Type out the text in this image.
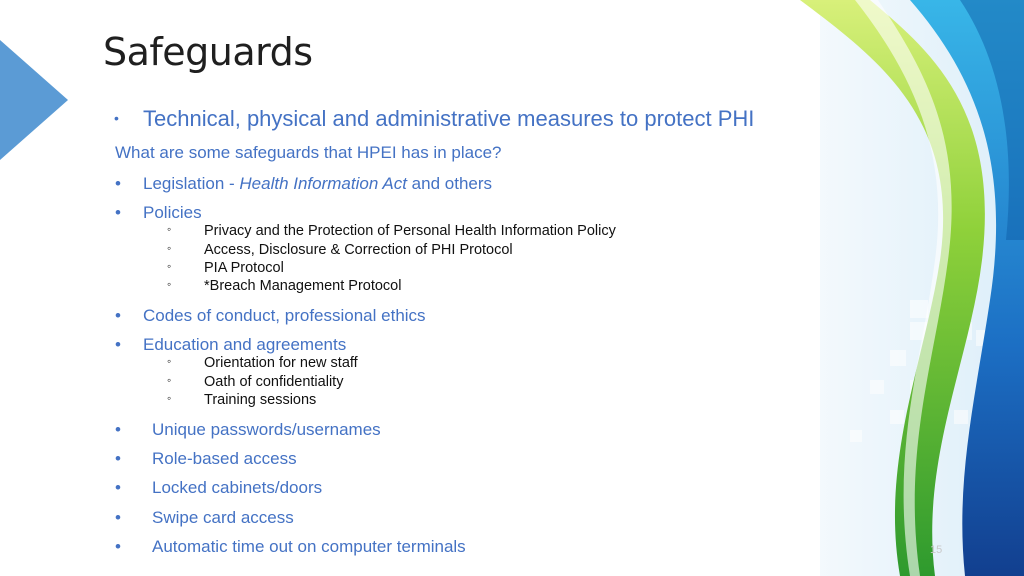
Safeguards
• Technical, physical and administrative measures to protect PHI
What are some safeguards that HPEI has in place?
• Legislation - Health Information Act and others
• Policies
◦ Privacy and the Protection of Personal Health Information Policy
◦ Access, Disclosure & Correction of PHI Protocol
◦ PIA Protocol
◦ *Breach Management Protocol
• Codes of conduct, professional ethics
• Education and agreements
◦ Orientation for new staff
◦ Oath of confidentiality
◦ Training sessions
• Unique passwords/usernames
• Role-based access
• Locked cabinets/doors
• Swipe card access
• Automatic time out on computer terminals	15
